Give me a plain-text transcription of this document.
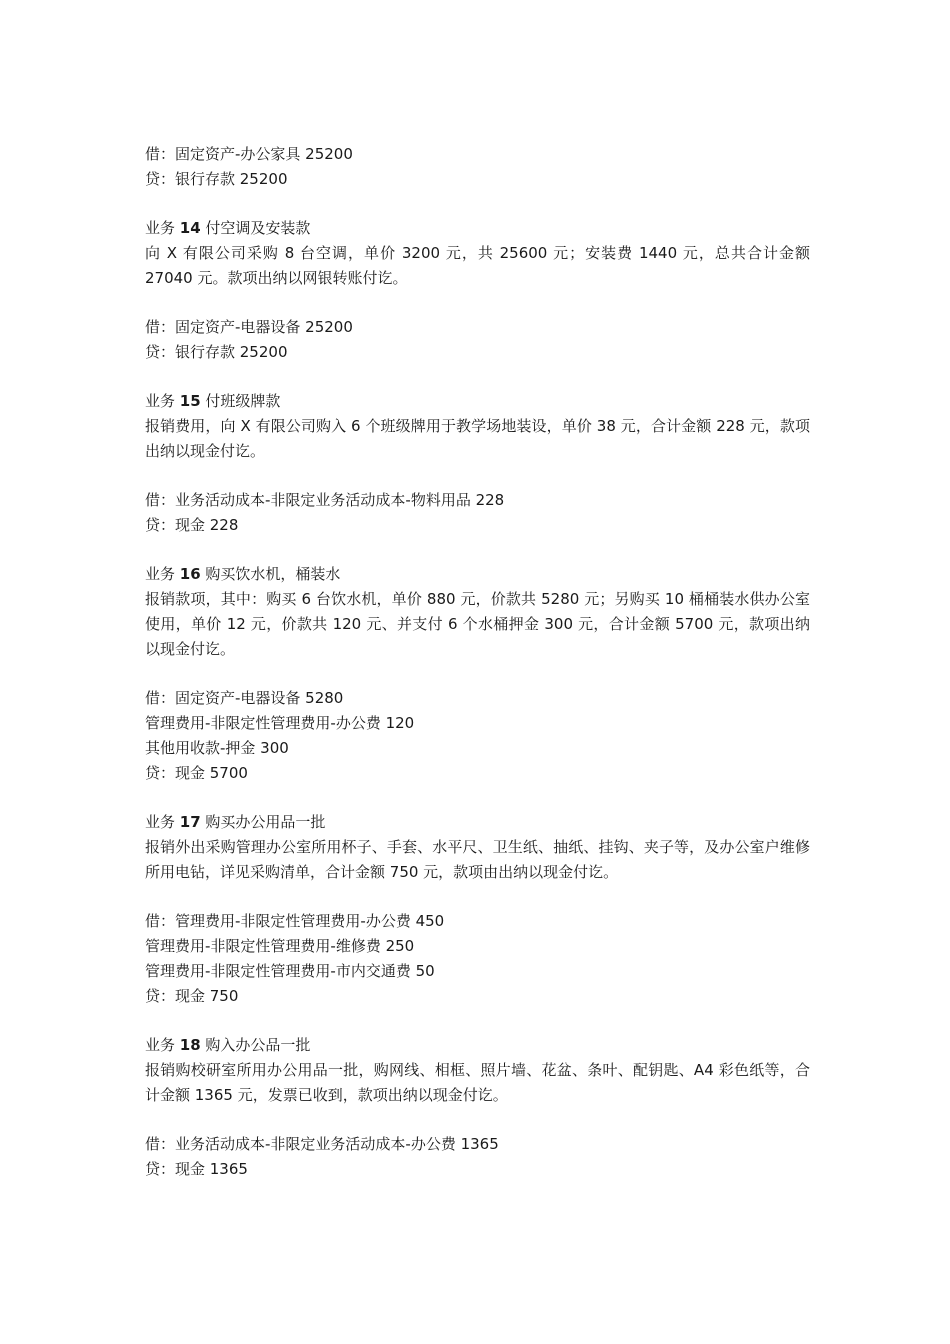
借：固定资产-办公家具 25200
贷：银行存款 25200
业务 14 付空调及安装款
向 X 有限公司采购 8 台空调，单价 3200 元，共 25600 元；安装费 1440 元，总共合计金额 27040 元。款项出纳以网银转账付讫。
借：固定资产-电器设备 25200
贷：银行存款 25200
业务 15 付班级牌款
报销费用，向 X 有限公司购入 6 个班级牌用于教学场地装设，单价 38 元，合计金额 228 元，款项出纳以现金付讫。
借：业务活动成本-非限定业务活动成本-物料用品 228
贷：现金 228
业务 16 购买饮水机，桶装水
报销款项，其中：购买 6 台饮水机，单价 880 元，价款共 5280 元；另购买 10 桶桶装水供办公室使用，单价 12 元，价款共 120 元、并支付 6 个水桶押金 300 元，合计金额 5700 元，款项出纳以现金付讫。
借：固定资产-电器设备 5280
管理费用-非限定性管理费用-办公费 120
其他用收款-押金 300
贷：现金 5700
业务 17 购买办公用品一批
报销外出采购管理办公室所用杯子、手套、水平尺、卫生纸、抽纸、挂钩、夹子等，及办公室户维修所用电钻，详见采购清单，合计金额 750 元，款项由出纳以现金付讫。
借：管理费用-非限定性管理费用-办公费 450
管理费用-非限定性管理费用-维修费 250
管理费用-非限定性管理费用-市内交通费 50
贷：现金 750
业务 18 购入办公品一批
报销购校研室所用办公用品一批，购网线、相框、照片墙、花盆、条叶、配钥匙、A4 彩色纸等，合计金额 1365 元，发票已收到，款项出纳以现金付讫。
借：业务活动成本-非限定业务活动成本-办公费 1365
贷：现金 1365
